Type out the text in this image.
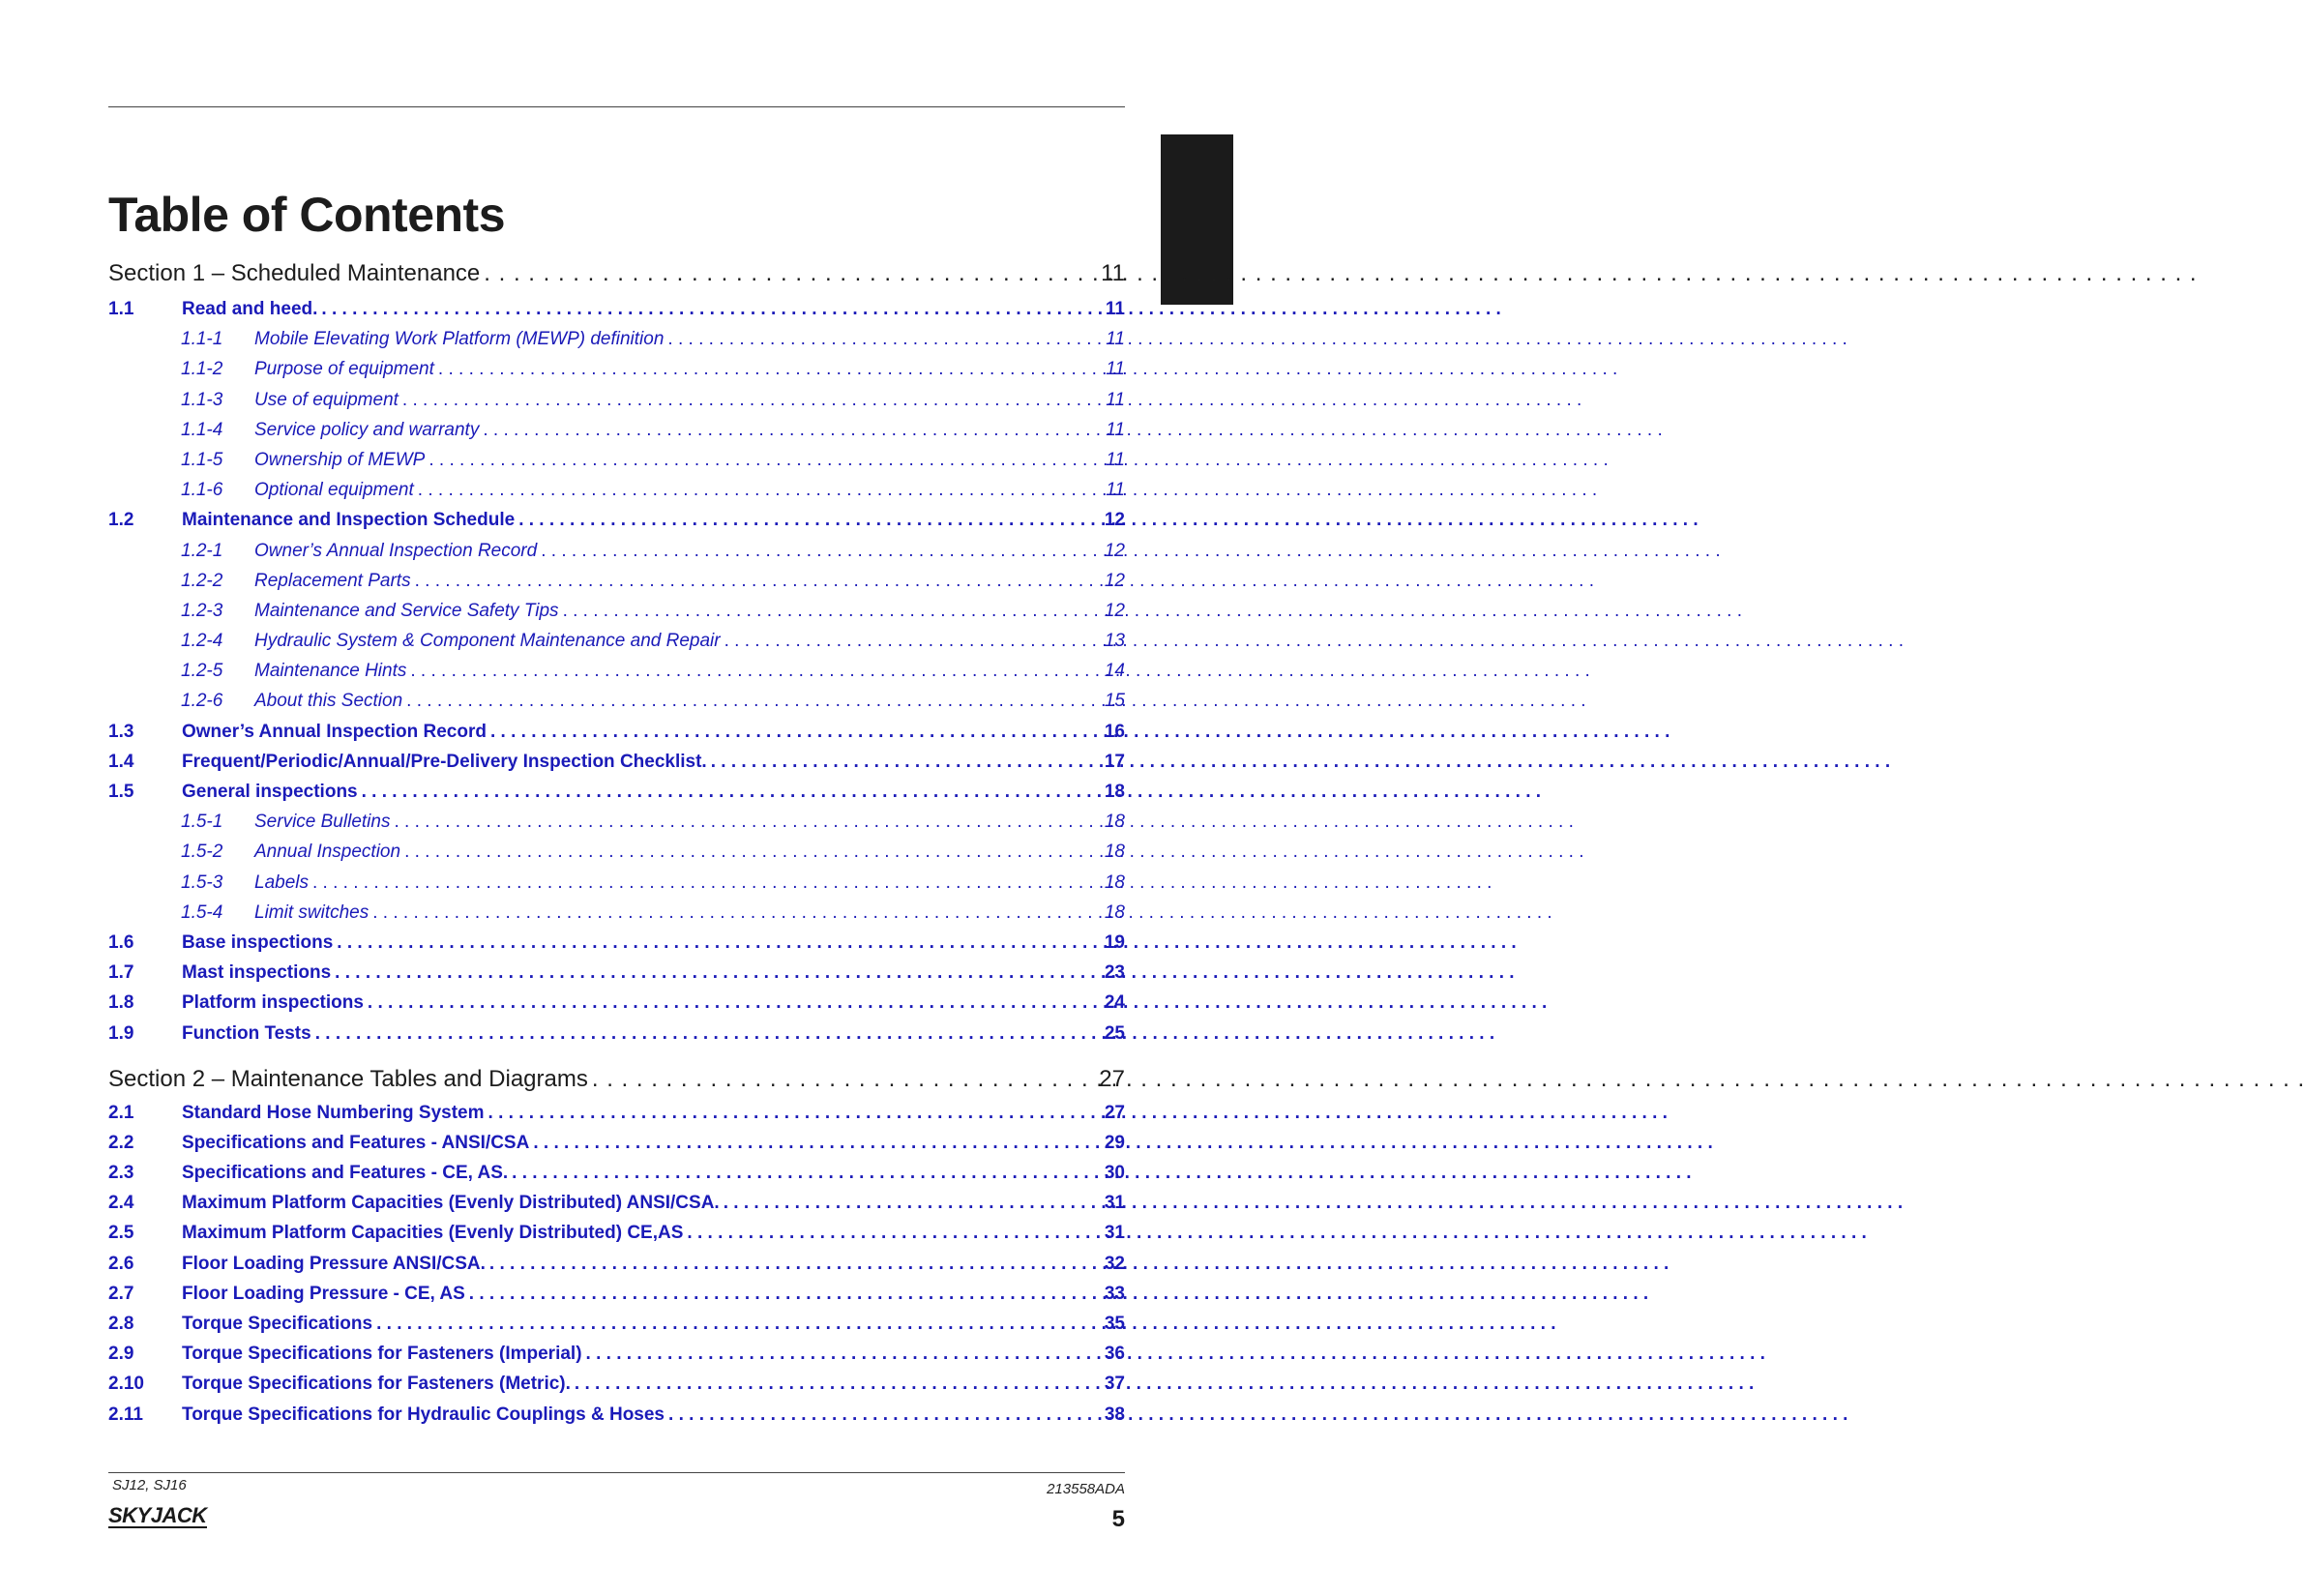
Table of Contents
Section 1 – Scheduled Maintenance . . .	11
1.1	Read and heed. . . .	11
1.1-1	Mobile Elevating Work Platform (MEWP) definition . . .	11
1.1-2	Purpose of equipment . . .	11
1.1-3	Use of equipment . . .	11
1.1-4	Service policy and warranty . . .	11
1.1-5	Ownership of MEWP . . .	11
1.1-6	Optional equipment . . .	11
1.2	Maintenance and Inspection Schedule . . .	12
1.2-1	Owner’s Annual Inspection Record . . .	12
1.2-2	Replacement Parts . . .	12
1.2-3	Maintenance and Service Safety Tips . . .	12
1.2-4	Hydraulic System & Component Maintenance and Repair . . .	13
1.2-5	Maintenance Hints . . .	14
1.2-6	About this Section . . .	15
1.3	Owner’s Annual Inspection Record . . .	16
1.4	Frequent/Periodic/Annual/Pre-Delivery Inspection Checklist. . . .	17
1.5	General inspections . . .	18
1.5-1	Service Bulletins . . .	18
1.5-2	Annual Inspection . . .	18
1.5-3	Labels . . .	18
1.5-4	Limit switches . . .	18
1.6	Base inspections . . .	19
1.7	Mast inspections . . .	23
1.8	Platform inspections . . .	24
1.9	Function Tests . . .	25
Section 2 – Maintenance Tables and Diagrams . . .	27
2.1	Standard Hose Numbering System . . .	27
2.2	Specifications and Features - ANSI/CSA . . .	29
2.3	Specifications and Features - CE, AS. . . .	30
2.4	Maximum Platform Capacities (Evenly Distributed) ANSI/CSA. . . .	31
2.5	Maximum Platform Capacities (Evenly Distributed) CE,AS . . .	31
2.6	Floor Loading Pressure ANSI/CSA. . . .	32
2.7	Floor Loading Pressure - CE, AS . . .	33
2.8	Torque Specifications . . .	35
2.9	Torque Specifications for Fasteners (Imperial) . . .	36
2.10	Torque Specifications for Fasteners (Metric). . . .	37
2.11	Torque Specifications for Hydraulic Couplings & Hoses . . .	38
SJ12, SJ16	213558ADA
SKYJACK	5
